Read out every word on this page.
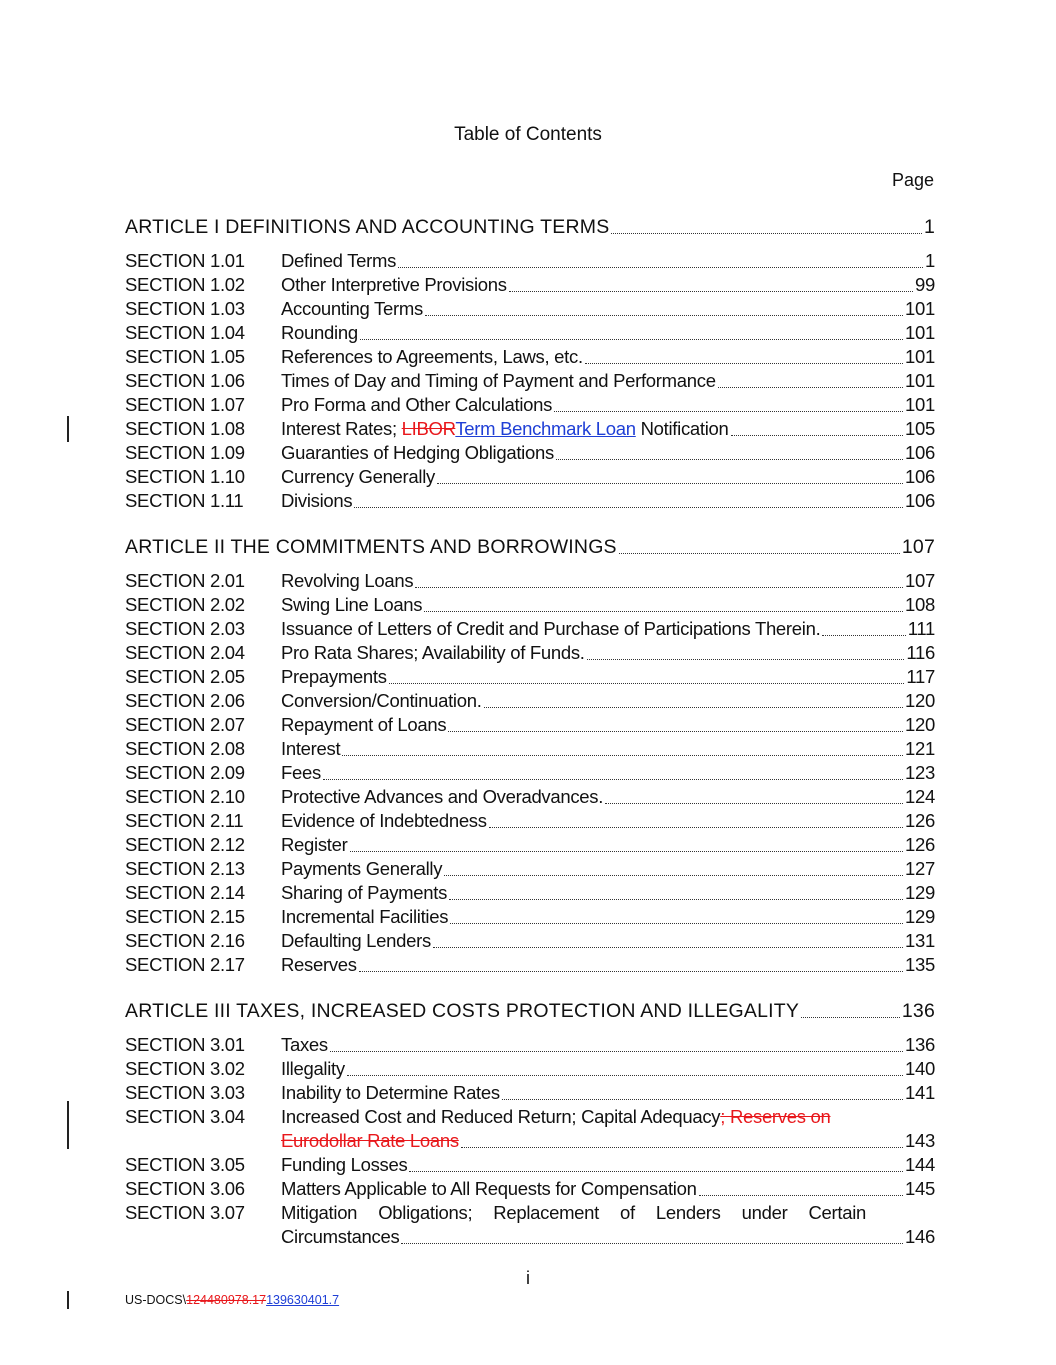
Table of Contents
Page
ARTICLE I DEFINITIONS AND ACCOUNTING TERMS	1
SECTION 1.01	Defined Terms	1
SECTION 1.02	Other Interpretive Provisions	99
SECTION 1.03	Accounting Terms	101
SECTION 1.04	Rounding	101
SECTION 1.05	References to Agreements, Laws, etc.	101
SECTION 1.06	Times of Day and Timing of Payment and Performance	101
SECTION 1.07	Pro Forma and Other Calculations	101
SECTION 1.08	Interest Rates; LIBORTerm Benchmark Loan Notification	105
SECTION 1.09	Guaranties of Hedging Obligations	106
SECTION 1.10	Currency Generally	106
SECTION 1.11	Divisions	106
ARTICLE II THE COMMITMENTS AND BORROWINGS	107
SECTION 2.01	Revolving Loans	107
SECTION 2.02	Swing Line Loans	108
SECTION 2.03	Issuance of Letters of Credit and Purchase of Participations Therein.	111
SECTION 2.04	Pro Rata Shares; Availability of Funds.	116
SECTION 2.05	Prepayments	117
SECTION 2.06	Conversion/Continuation.	120
SECTION 2.07	Repayment of Loans	120
SECTION 2.08	Interest	121
SECTION 2.09	Fees	123
SECTION 2.10	Protective Advances and Overadvances.	124
SECTION 2.11	Evidence of Indebtedness	126
SECTION 2.12	Register	126
SECTION 2.13	Payments Generally	127
SECTION 2.14	Sharing of Payments	129
SECTION 2.15	Incremental Facilities	129
SECTION 2.16	Defaulting Lenders	131
SECTION 2.17	Reserves	135
ARTICLE III TAXES, INCREASED COSTS PROTECTION AND ILLEGALITY	136
SECTION 3.01	Taxes	136
SECTION 3.02	Illegality	140
SECTION 3.03	Inability to Determine Rates	141
SECTION 3.04	Increased Cost and Reduced Return; Capital Adequacy ; Reserves on
Eurodollar Rate Loans	143
SECTION 3.05	Funding Losses	144
SECTION 3.06	Matters Applicable to All Requests for Compensation	145
SECTION 3.07	Mitigation Obligations; Replacement of Lenders under Certain
Circumstances	146
i
US-DOCS\124480978.17139630401.7
